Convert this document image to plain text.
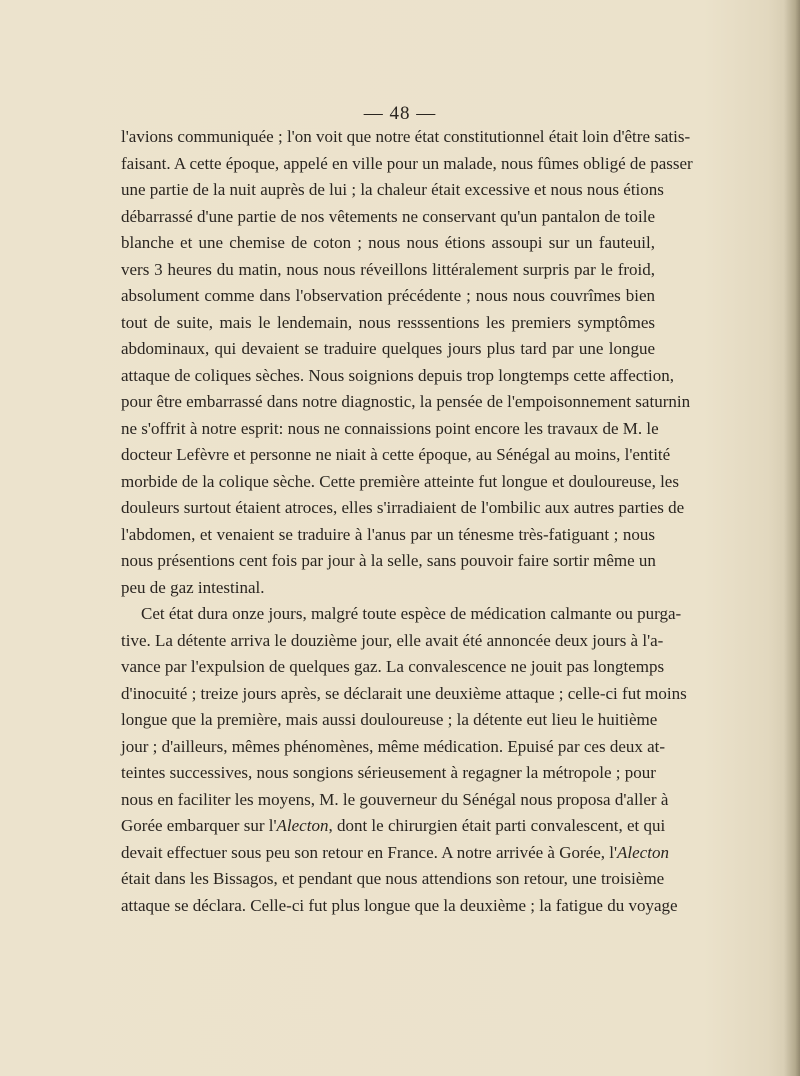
— 48 —
l'avions communiquée ; l'on voit que notre état constitutionnel était loin d'être satis-
faisant. A cette époque, appelé en ville pour un malade, nous fûmes obligé de passer
une partie de la nuit auprès de lui ; la chaleur était excessive et nous nous étions
débarrassé d'une partie de nos vêtements ne conservant qu'un pantalon de toile
blanche et une chemise de coton ; nous nous étions assoupi sur un fauteuil,
vers 3 heures du matin, nous nous réveillons littéralement surpris par le froid,
absolument comme dans l'observation précédente ; nous nous couvrîmes bien
tout de suite, mais le lendemain, nous resssentions les premiers symptômes
abdominaux, qui devaient se traduire quelques jours plus tard par une longue
attaque de coliques sèches. Nous soignions depuis trop longtemps cette affection,
pour être embarrassé dans notre diagnostic, la pensée de l'empoisonnement saturnin
ne s'offrit à notre esprit: nous ne connaissions point encore les travaux de M. le
docteur Lefèvre et personne ne niait à cette époque, au Sénégal au moins, l'entité
morbide de la colique sèche. Cette première atteinte fut longue et douloureuse, les
douleurs surtout étaient atroces, elles s'irradiaient de l'ombilic aux autres parties de
l'abdomen, et venaient se traduire à l'anus par un ténesme très-fatiguant ; nous
nous présentions cent fois par jour à la selle, sans pouvoir faire sortir même un
peu de gaz intestinal.
Cet état dura onze jours, malgré toute espèce de médication calmante ou purga-
tive. La détente arriva le douzième jour, elle avait été annoncée deux jours à l'a-
vance par l'expulsion de quelques gaz. La convalescence ne jouit pas longtemps
d'inocuité ; treize jours après, se déclarait une deuxième attaque ; celle-ci fut moins
longue que la première, mais aussi douloureuse ; la détente eut lieu le huitième
jour ; d'ailleurs, mêmes phénomènes, même médication. Epuisé par ces deux at-
teintes successives, nous songions sérieusement à regagner la métropole ; pour
nous en faciliter les moyens, M. le gouverneur du Sénégal nous proposa d'aller à
Gorée embarquer sur l'Alecton, dont le chirurgien était parti convalescent, et qui
devait effectuer sous peu son retour en France. A notre arrivée à Gorée, l'Alecton
était dans les Bissagos, et pendant que nous attendions son retour, une troisième
attaque se déclara. Celle-ci fut plus longue que la deuxième ; la fatigue du voyage
